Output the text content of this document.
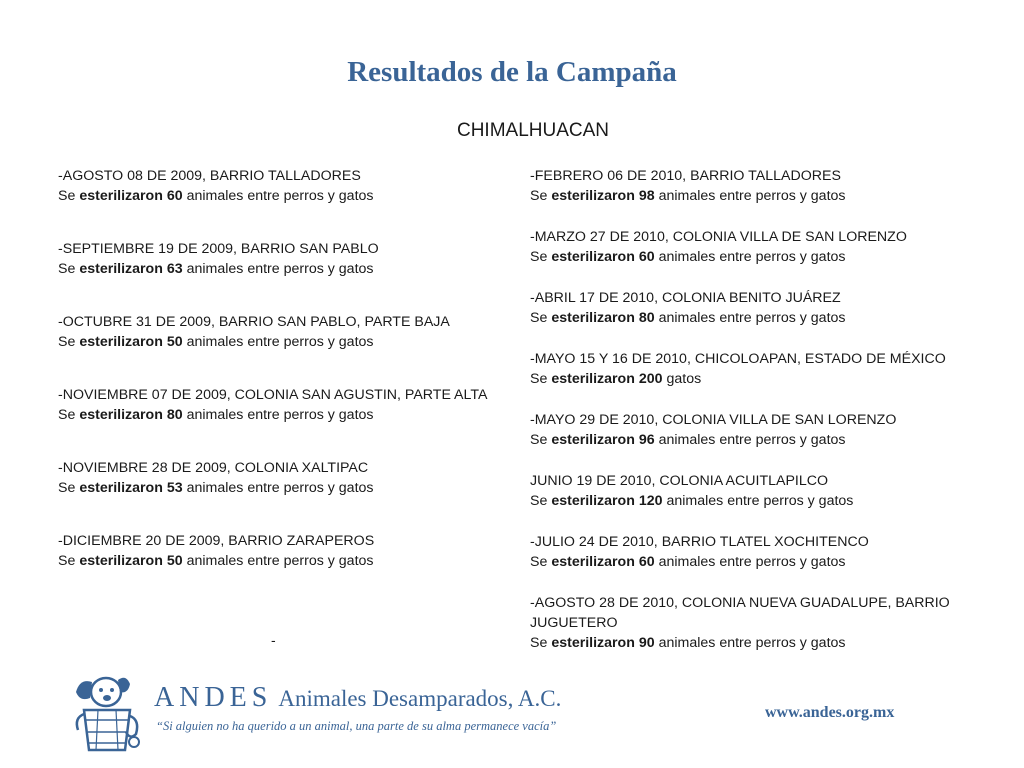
Resultados de la Campaña
CHIMALHUACAN

-AGOSTO 08 DE 2009, BARRIO TALLADORES

Se esterilizaron 60 animales entre perros y gatos

-SEPTIEMBRE 19 DE 2009, BARRIO SAN PABLO

Se esterilizaron 63 animales entre perros y gatos

-OCTUBRE 31 DE 2009, BARRIO SAN PABLO, PARTE BAJA

Se esterilizaron 50 animales entre perros y gatos

-NOVIEMBRE 07 DE 2009, COLONIA SAN AGUSTIN, PARTE ALTA

Se esterilizaron 80 animales entre perros y gatos

-NOVIEMBRE 28 DE 2009, COLONIA XALTIPAC

Se esterilizaron 53 animales entre perros y gatos

-DICIEMBRE 20 DE 2009, BARRIO ZARAPEROS

Se esterilizaron 50 animales entre perros y gatos

-FEBRERO 06 DE 2010, BARRIO TALLADORES

Se esterilizaron 98 animales entre perros y gatos

-MARZO 27 DE 2010, COLONIA VILLA DE SAN LORENZO

Se esterilizaron 60 animales entre perros y gatos

-ABRIL 17 DE 2010, COLONIA BENITO JUÁREZ

Se esterilizaron 80 animales entre perros y gatos

-MAYO 15 Y 16 DE 2010, CHICOLOAPAN, ESTADO DE MÉXICO

Se esterilizaron 200 gatos

-MAYO 29 DE 2010, COLONIA VILLA DE SAN LORENZO

Se esterilizaron 96 animales entre perros y gatos

JUNIO 19 DE 2010, COLONIA ACUITLAPILCO

Se esterilizaron 120 animales entre perros y gatos

-JULIO 24 DE 2010, BARRIO TLATEL XOCHITENCO

Se esterilizaron 60 animales entre perros y gatos

-AGOSTO 28 DE 2010, COLONIA NUEVA GUADALUPE, BARRIO JUGUETERO

Se esterilizaron 90 animales entre perros y gatos

-
ANDES Animales Desamparados, A.C.
“Si alguien no ha querido a un animal, una parte de su alma permanece vacía”
www.andes.org.mx
